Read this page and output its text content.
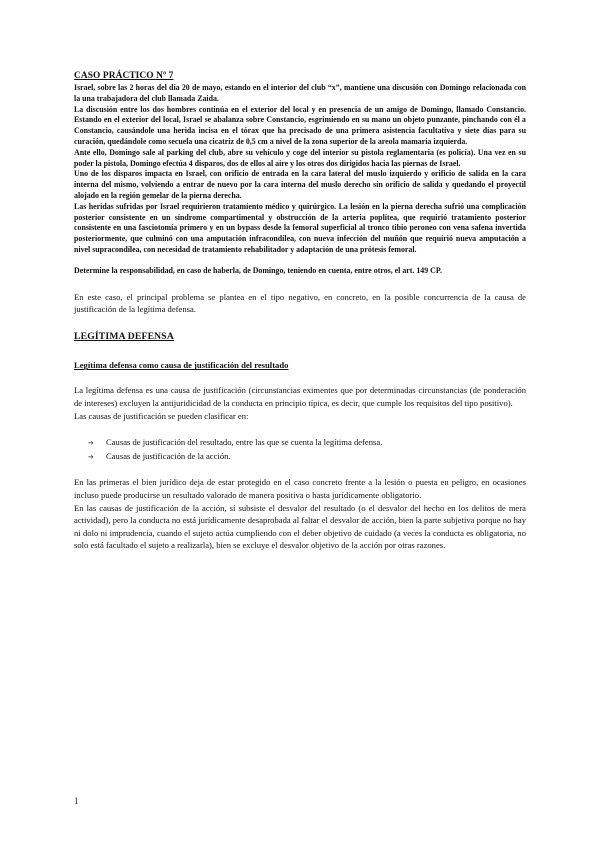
CASO PRÁCTICO Nº 7

Israel, sobre las 2 horas del día 20 de mayo, estando en el interior del club “x”, mantiene una discusión con Domingo relacionada con la una trabajadora del club llamada Zaida.

La discusión entre los dos hombres continúa en el exterior del local y en presencia de un amigo de Domingo, llamado Constancio. Estando en el exterior del local, Israel se abalanza sobre Constancio, esgrimiendo en su mano un objeto punzante, pinchando con él a Constancio, causándole una herida incisa en el tórax que ha precisado de una primera asistencia facultativa y siete días para su curación, quedándole como secuela una cicatriz de 0,5 cm a nivel de la zona superior de la areola mamaria izquierda.

Ante ello, Domingo sale al parking del club, abre su vehículo y coge del interior su pistola reglamentaria (es policía). Una vez en su poder la pistola, Domingo efectúa 4 disparos, dos de ellos al aire y los otros dos dirigidos hacia las piernas de Israel.

Uno de los disparos impacta en Israel, con orificio de entrada en la cara lateral del muslo izquierdo y orificio de salida en la cara interna del mismo, volviendo a entrar de nuevo por la cara interna del muslo derecho sin orificio de salida y quedando el proyectil alojado en la región gemelar de la pierna derecha.

Las heridas sufridas por Israel requirieron tratamiento médico y quirúrgico. La lesión en la pierna derecha sufrió una complicación posterior consistente en un síndrome compartimental y obstrucción de la arteria poplítea, que requirió tratamiento posterior consistente en una fasciotomía primero y en un bypass desde la femoral superficial al tronco tibio peroneo con vena safena invertida posteriormente, que culminó con una amputación infracondílea, con nueva infección del muñón que requirió nueva amputación a nivel supracondílea, con necesidad de tratamiento rehabilitador y adaptación de una prótesis femoral.

Determine la responsabilidad, en caso de haberla, de Domingo, teniendo en cuenta, entre otros, el art. 149 CP.

En este caso, el principal problema se plantea en el tipo negativo, en concreto, en la posible concurrencia de la causa de justificación de la legítima defensa.

LEGÍTIMA DEFENSA
Legítima defensa como causa de justificación del resultado

La legítima defensa es una causa de justificación (circunstancias eximentes que por determinadas circunstancias (de ponderación de intereses) excluyen la antijuridicidad de la conducta en principio típica, es decir, que cumple los requisitos del tipo positivo).

Las causas de justificación se pueden clasificar en:

➔	Causas de justificación del resultado, entre las que se cuenta la legítima defensa.
➔	Causas de justificación de la acción.

En las primeras el bien jurídico deja de estar protegido en el caso concreto frente a la lesión o puesta en peligro, en ocasiones incluso puede producirse un resultado valorado de manera positiva o hasta jurídicamente obligatorio.

En las causas de justificación de la acción, sí subsiste el desvalor del resultado (o el desvalor del hecho en los delitos de mera actividad), pero la conducta no está jurídicamente desaprobada al faltar el desvalor de acción, bien la parte subjetiva porque no hay ni dolo ni imprudencia, cuando el sujeto actúa cumpliendo con el deber objetivo de cuidado (a veces la conducta es obligatoria, no solo está facultado el sujeto a realizarla), bien se excluye el desvalor objetivo de la acción por otras razones.

1
